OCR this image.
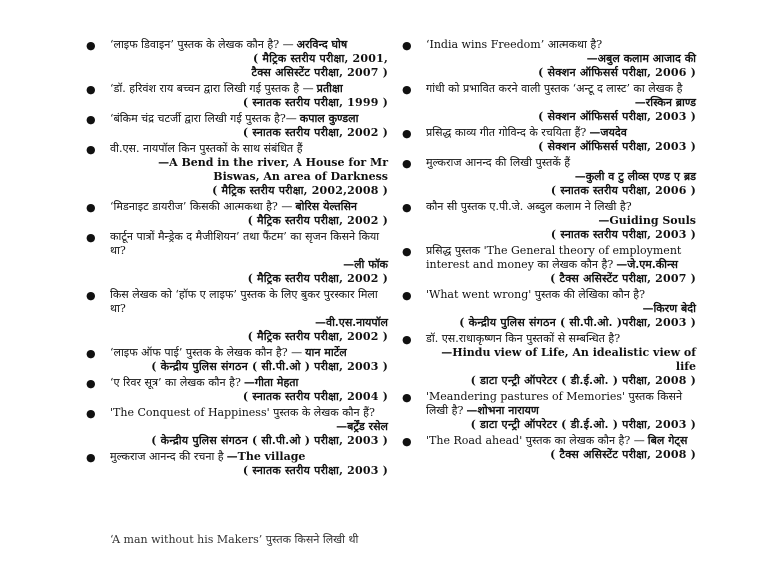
● ‘लाइफ डिवाइन’ पुस्तक के लेखक कौन है? — अरविन्द घोष
( मैट्रिक स्तरीय परीक्षा, 2001,
टैक्स असिस्टेंट परीक्षा, 2007 )
● ‘डॉ. हरिवंश राय बच्चन द्वारा लिखी गई पुस्तक है — प्रतीक्षा
( स्नातक स्तरीय परीक्षा, 1999 )
● ‘बंकिम चंद्र चटर्जी द्वारा लिखी गई पुस्तक है?— कपाल कुण्डला
( स्नातक स्तरीय परीक्षा, 2002 )
● वी.एस. नायपॉल किन पुस्तकों के साथ संबंधित हैं
—A Bend in the river, A House for Mr Biswas, An area of Darkness
( मैट्रिक स्तरीय परीक्षा, 2002,2008 )
● ‘मिडनाइट डायरीज’ किसकी आत्मकथा है? — बोरिस येल्तसिन
( मैट्रिक स्तरीय परीक्षा, 2002 )
● कार्टून पात्रों मैन्ड्रेक द मैजीशियन’ तथा फैंटम’ का सृजन किसने किया था?
—ली फॉक
( मैट्रिक स्तरीय परीक्षा, 2002 )
● किस लेखक को ‘हॉफ ए लाइफ’ पुस्तक के लिए बुकर पुरस्कार मिला था?
—वी.एस.नायपॉल
( मैट्रिक स्तरीय परीक्षा, 2002 )
● ‘लाइफ ऑफ पाई’ पुस्तक के लेखक कौन है? — यान मार्टेल
( केन्द्रीय पुलिस संगठन ( सी.पी.ओ ) परीक्षा, 2003 )
● ‘ए रिवर सूत्र’ का लेखक कौन है? —गीता मेहता
( स्नातक स्तरीय परीक्षा, 2004 )
● 'The Conquest of Happiness' पुस्तक के लेखक कौन हैं?
—बर्ट्रेंड रसेल
( केन्द्रीय पुलिस संगठन ( सी.पी.ओ ) परीक्षा, 2003 )
● मुल्कराज आनन्द की रचना है —The village
( स्नातक स्तरीय परीक्षा, 2003 )
● ‘India wins Freedom’ आत्मकथा है?
—अबुल कलाम आजाद की
( सेक्शन ऑफिसर्स परीक्षा, 2006 )
● गांधी को प्रभावित करने वाली पुस्तक ‘अन्टू द लास्ट’ का लेखक है
—रस्किन ब्राण्ड
( सेक्शन ऑफिसर्स परीक्षा, 2003 )
● प्रसिद्ध काव्य गीत गोविन्द के रचयिता हैं? —जयदेव
( सेक्शन ऑफिसर्स परीक्षा, 2003 )
● मुल्कराज आनन्द की लिखी पुस्तकें हैं
—कुली व टु लीव्स एण्ड ए ब्रड
( स्नातक स्तरीय परीक्षा, 2006 )
● कौन सी पुस्तक ए.पी.जे. अब्दुल कलाम ने लिखी है?
—Guiding Souls
( स्नातक स्तरीय परीक्षा, 2003 )
● प्रसिद्ध पुस्तक 'The General theory of employment interest and money का लेखक कौन है? —जे.एम.कीन्स
( टैक्स असिस्टेंट परीक्षा, 2007 )
● 'What went wrong' पुस्तक की लेखिका कौन है?
—किरण बेदी
( केन्द्रीय पुलिस संगठन ( सी.पी.ओ. )परीक्षा, 2003 )
● डॉ. एस.राधाकृष्णन किन पुस्तकों से सम्बन्धित है?
—Hindu view of Life, An idealistic view of life
( डाटा एन्ट्री ऑपरेटर ( डी.ई.ओ. ) परीक्षा, 2008 )
● 'Meandering pastures of Memories' पुस्तक किसने लिखी है? —शोभना नारायण
( डाटा एन्ट्री ऑपरेटर ( डी.ई.ओ. ) परीक्षा, 2003 )
● 'The Road ahead' पुस्तक का लेखक कौन है? — बिल गेट्स
( टैक्स असिस्टेंट परीक्षा, 2008 )
‘A man without his Makers’ पुस्तक किसने लिखी थी
